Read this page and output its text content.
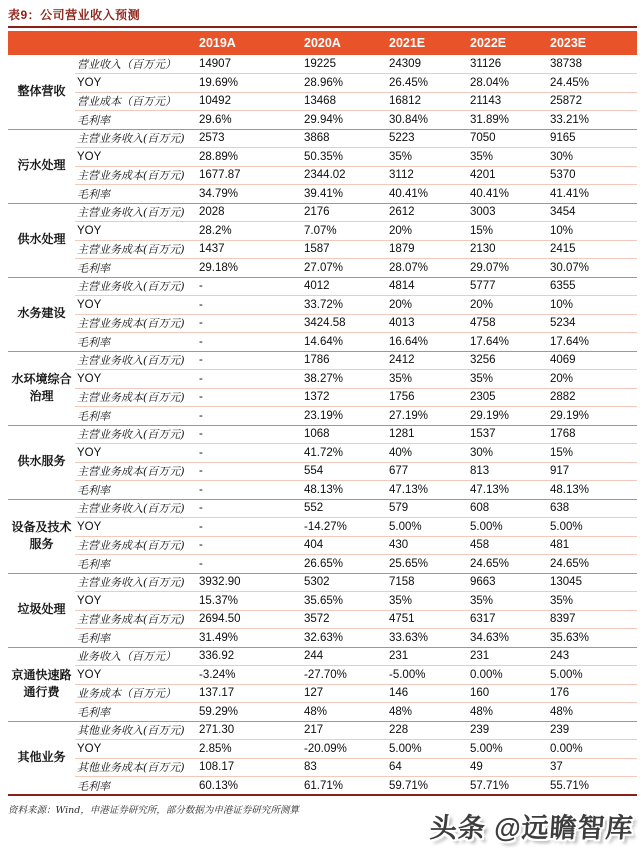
表9：公司营业收入预测
		2019A	2020A	2021E	2022E	2023E
整体营收	营业收入（百万元）	14907	19225	24309	31126	38738
	YOY	19.69%	28.96%	26.45%	28.04%	24.45%
	营业成本（百万元）	10492	13468	16812	21143	25872
	毛利率	29.6%	29.94%	30.84%	31.89%	33.21%
污水处理	主营业务收入(百万元)	2573	3868	5223	7050	9165
	YOY	28.89%	50.35%	35%	35%	30%
	主营业务成本(百万元)	1677.87	2344.02	3112	4201	5370
	毛利率	34.79%	39.41%	40.41%	40.41%	41.41%
供水处理	主营业务收入(百万元)	2028	2176	2612	3003	3454
	YOY	28.2%	7.07%	20%	15%	10%
	主营业务成本(百万元)	1437	1587	1879	2130	2415
	毛利率	29.18%	27.07%	28.07%	29.07%	30.07%
水务建设	主营业务收入(百万元)	-	4012	4814	5777	6355
	YOY	-	33.72%	20%	20%	10%
	主营业务成本(百万元)	-	3424.58	4013	4758	5234
	毛利率	-	14.64%	16.64%	17.64%	17.64%
水环境综合治理	主营业务收入(百万元)	-	1786	2412	3256	4069
	YOY	-	38.27%	35%	35%	20%
	主营业务成本(百万元)	-	1372	1756	2305	2882
	毛利率	-	23.19%	27.19%	29.19%	29.19%
供水服务	主营业务收入(百万元)	-	1068	1281	1537	1768
	YOY	-	41.72%	40%	30%	15%
	主营业务成本(百万元)	-	554	677	813	917
	毛利率	-	48.13%	47.13%	47.13%	48.13%
设备及技术服务	主营业务收入(百万元)	-	552	579	608	638
	YOY	-	-14.27%	5.00%	5.00%	5.00%
	主营业务成本(百万元)	-	404	430	458	481
	毛利率	-	26.65%	25.65%	24.65%	24.65%
垃圾处理	主营业务收入(百万元)	3932.90	5302	7158	9663	13045
	YOY	15.37%	35.65%	35%	35%	35%
	主营业务成本(百万元)	2694.50	3572	4751	6317	8397
	毛利率	31.49%	32.63%	33.63%	34.63%	35.63%
京通快速路通行费	业务收入（百万元）	336.92	244	231	231	243
	YOY	-3.24%	-27.70%	-5.00%	0.00%	5.00%
	业务成本（百万元）	137.17	127	146	160	176
	毛利率	59.29%	48%	48%	48%	48%
其他业务	其他业务收入(百万元)	271.30	217	228	239	239
	YOY	2.85%	-20.09%	5.00%	5.00%	0.00%
	其他业务成本(百万元)	108.17	83	64	49	37
	毛利率	60.13%	61.71%	59.71%	57.71%	55.71%
资料来源：Wind，申港证券研究所，部分数据为申港证券研究所测算
头条 @远瞻智库
